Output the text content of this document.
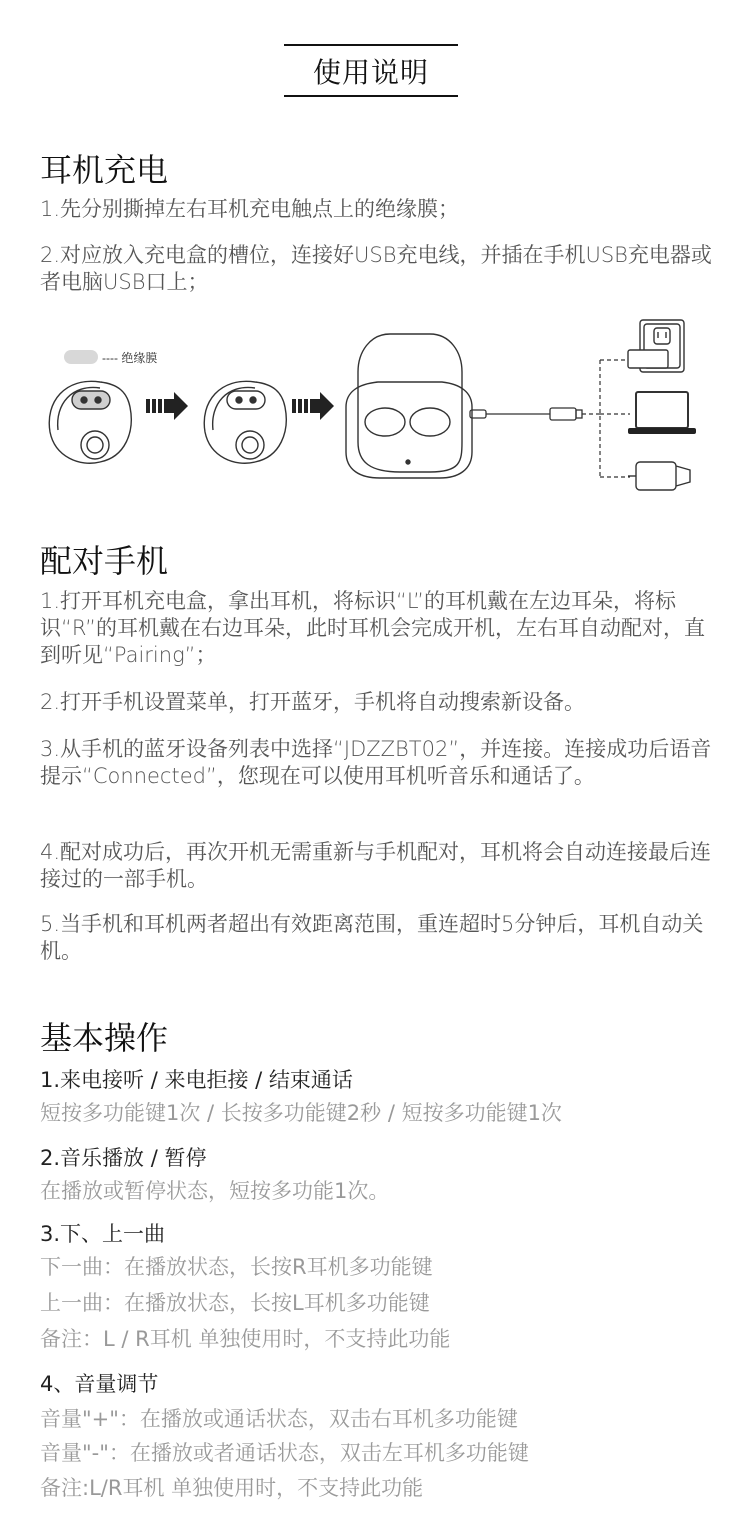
使用说明
耳机充电

1.先分别撕掉左右耳机充电触点上的绝缘膜；

2.对应放入充电盒的槽位，连接好USB充电线，并插在手机USB充电器或者电脑USB口上；

---- 绝缘膜
配对手机

1.打开耳机充电盒，拿出耳机，将标识“L”的耳机戴在左边耳朵，将标识“R”的耳机戴在右边耳朵，此时耳机会完成开机，左右耳自动配对，直到听见“Pairing”；

2.打开手机设置菜单，打开蓝牙，手机将自动搜索新设备。

3.从手机的蓝牙设备列表中选择“JDZZBT02”，并连接。连接成功后语音提示“Connected”，您现在可以使用耳机听音乐和通话了。

4.配对成功后，再次开机无需重新与手机配对，耳机将会自动连接最后连接过的一部手机。

5.当手机和耳机两者超出有效距离范围，重连超时5分钟后，耳机自动关机。

基本操作

1.来电接听 / 来电拒接 / 结束通话

短按多功能键1次 / 长按多功能键2秒 / 短按多功能键1次

2.音乐播放 / 暂停

在播放或暂停状态，短按多功能1次。

3.下、上一曲

下一曲：在播放状态，长按R耳机多功能键

上一曲：在播放状态，长按L耳机多功能键

备注：L / R耳机 单独使用时，不支持此功能

4、音量调节

音量"+"：在播放或通话状态，双击右耳机多功能键

音量"-"：在播放或者通话状态，双击左耳机多功能键

备注:L/R耳机 单独使用时，不支持此功能
